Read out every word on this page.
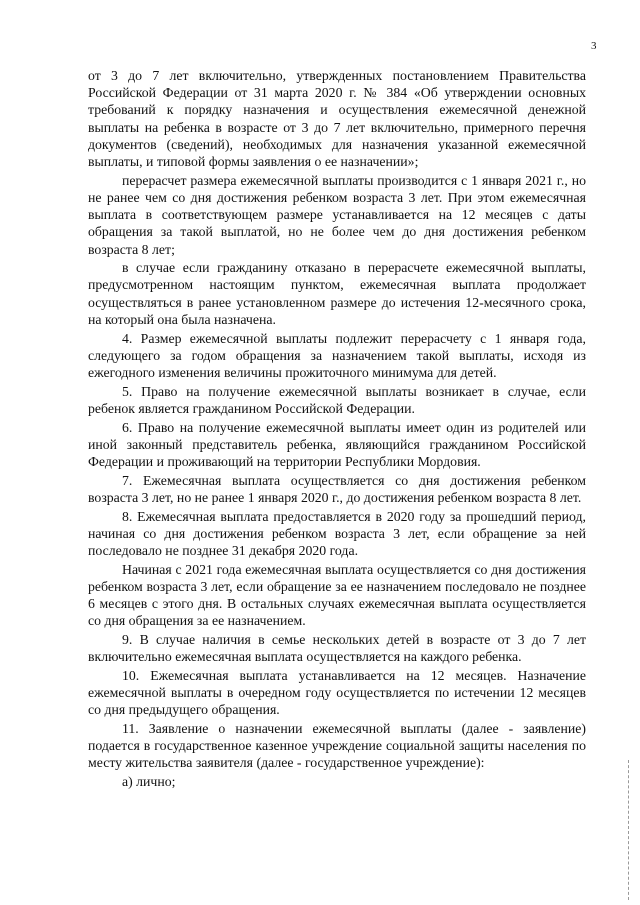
3

от 3 до 7 лет включительно, утвержденных постановлением Правительства Российской Федерации от 31 марта 2020 г. № 384 «Об утверждении основных требований к порядку назначения и осуществления ежемесячной денежной выплаты на ребенка в возрасте от 3 до 7 лет включительно, примерного перечня документов (сведений), необходимых для назначения указанной ежемесячной выплаты, и типовой формы заявления о ее назначении»;

перерасчет размера ежемесячной выплаты производится с 1 января 2021 г., но не ранее чем со дня достижения ребенком возраста 3 лет. При этом ежемесячная выплата в соответствующем размере устанавливается на 12 месяцев с даты обращения за такой выплатой, но не более чем до дня достижения ребенком возраста 8 лет;

в случае если гражданину отказано в перерасчете ежемесячной выплаты, предусмотренном настоящим пунктом, ежемесячная выплата продолжает осуществляться в ранее установленном размере до истечения 12-месячного срока, на который она была назначена.

4. Размер ежемесячной выплаты подлежит перерасчету с 1 января года, следующего за годом обращения за назначением такой выплаты, исходя из ежегодного изменения величины прожиточного минимума для детей.

5. Право на получение ежемесячной выплаты возникает в случае, если ребенок является гражданином Российской Федерации.

6. Право на получение ежемесячной выплаты имеет один из родителей или иной законный представитель ребенка, являющийся гражданином Российской Федерации и проживающий на территории Республики Мордовия.

7. Ежемесячная выплата осуществляется со дня достижения ребенком возраста 3 лет, но не ранее 1 января 2020 г., до достижения ребенком возраста 8 лет.

8. Ежемесячная выплата предоставляется в 2020 году за прошедший период, начиная со дня достижения ребенком возраста 3 лет, если обращение за ней последовало не позднее 31 декабря 2020 года.

Начиная с 2021 года ежемесячная выплата осуществляется со дня достижения ребенком возраста 3 лет, если обращение за ее назначением последовало не позднее 6 месяцев с этого дня. В остальных случаях ежемесячная выплата осуществляется со дня обращения за ее назначением.

9. В случае наличия в семье нескольких детей в возрасте от 3 до 7 лет включительно ежемесячная выплата осуществляется на каждого ребенка.

10. Ежемесячная выплата устанавливается на 12 месяцев. Назначение ежемесячной выплаты в очередном году осуществляется по истечении 12 месяцев со дня предыдущего обращения.

11. Заявление о назначении ежемесячной выплаты (далее - заявление) подается в государственное казенное учреждение социальной защиты населения по месту жительства заявителя (далее - государственное учреждение):

а) лично;
